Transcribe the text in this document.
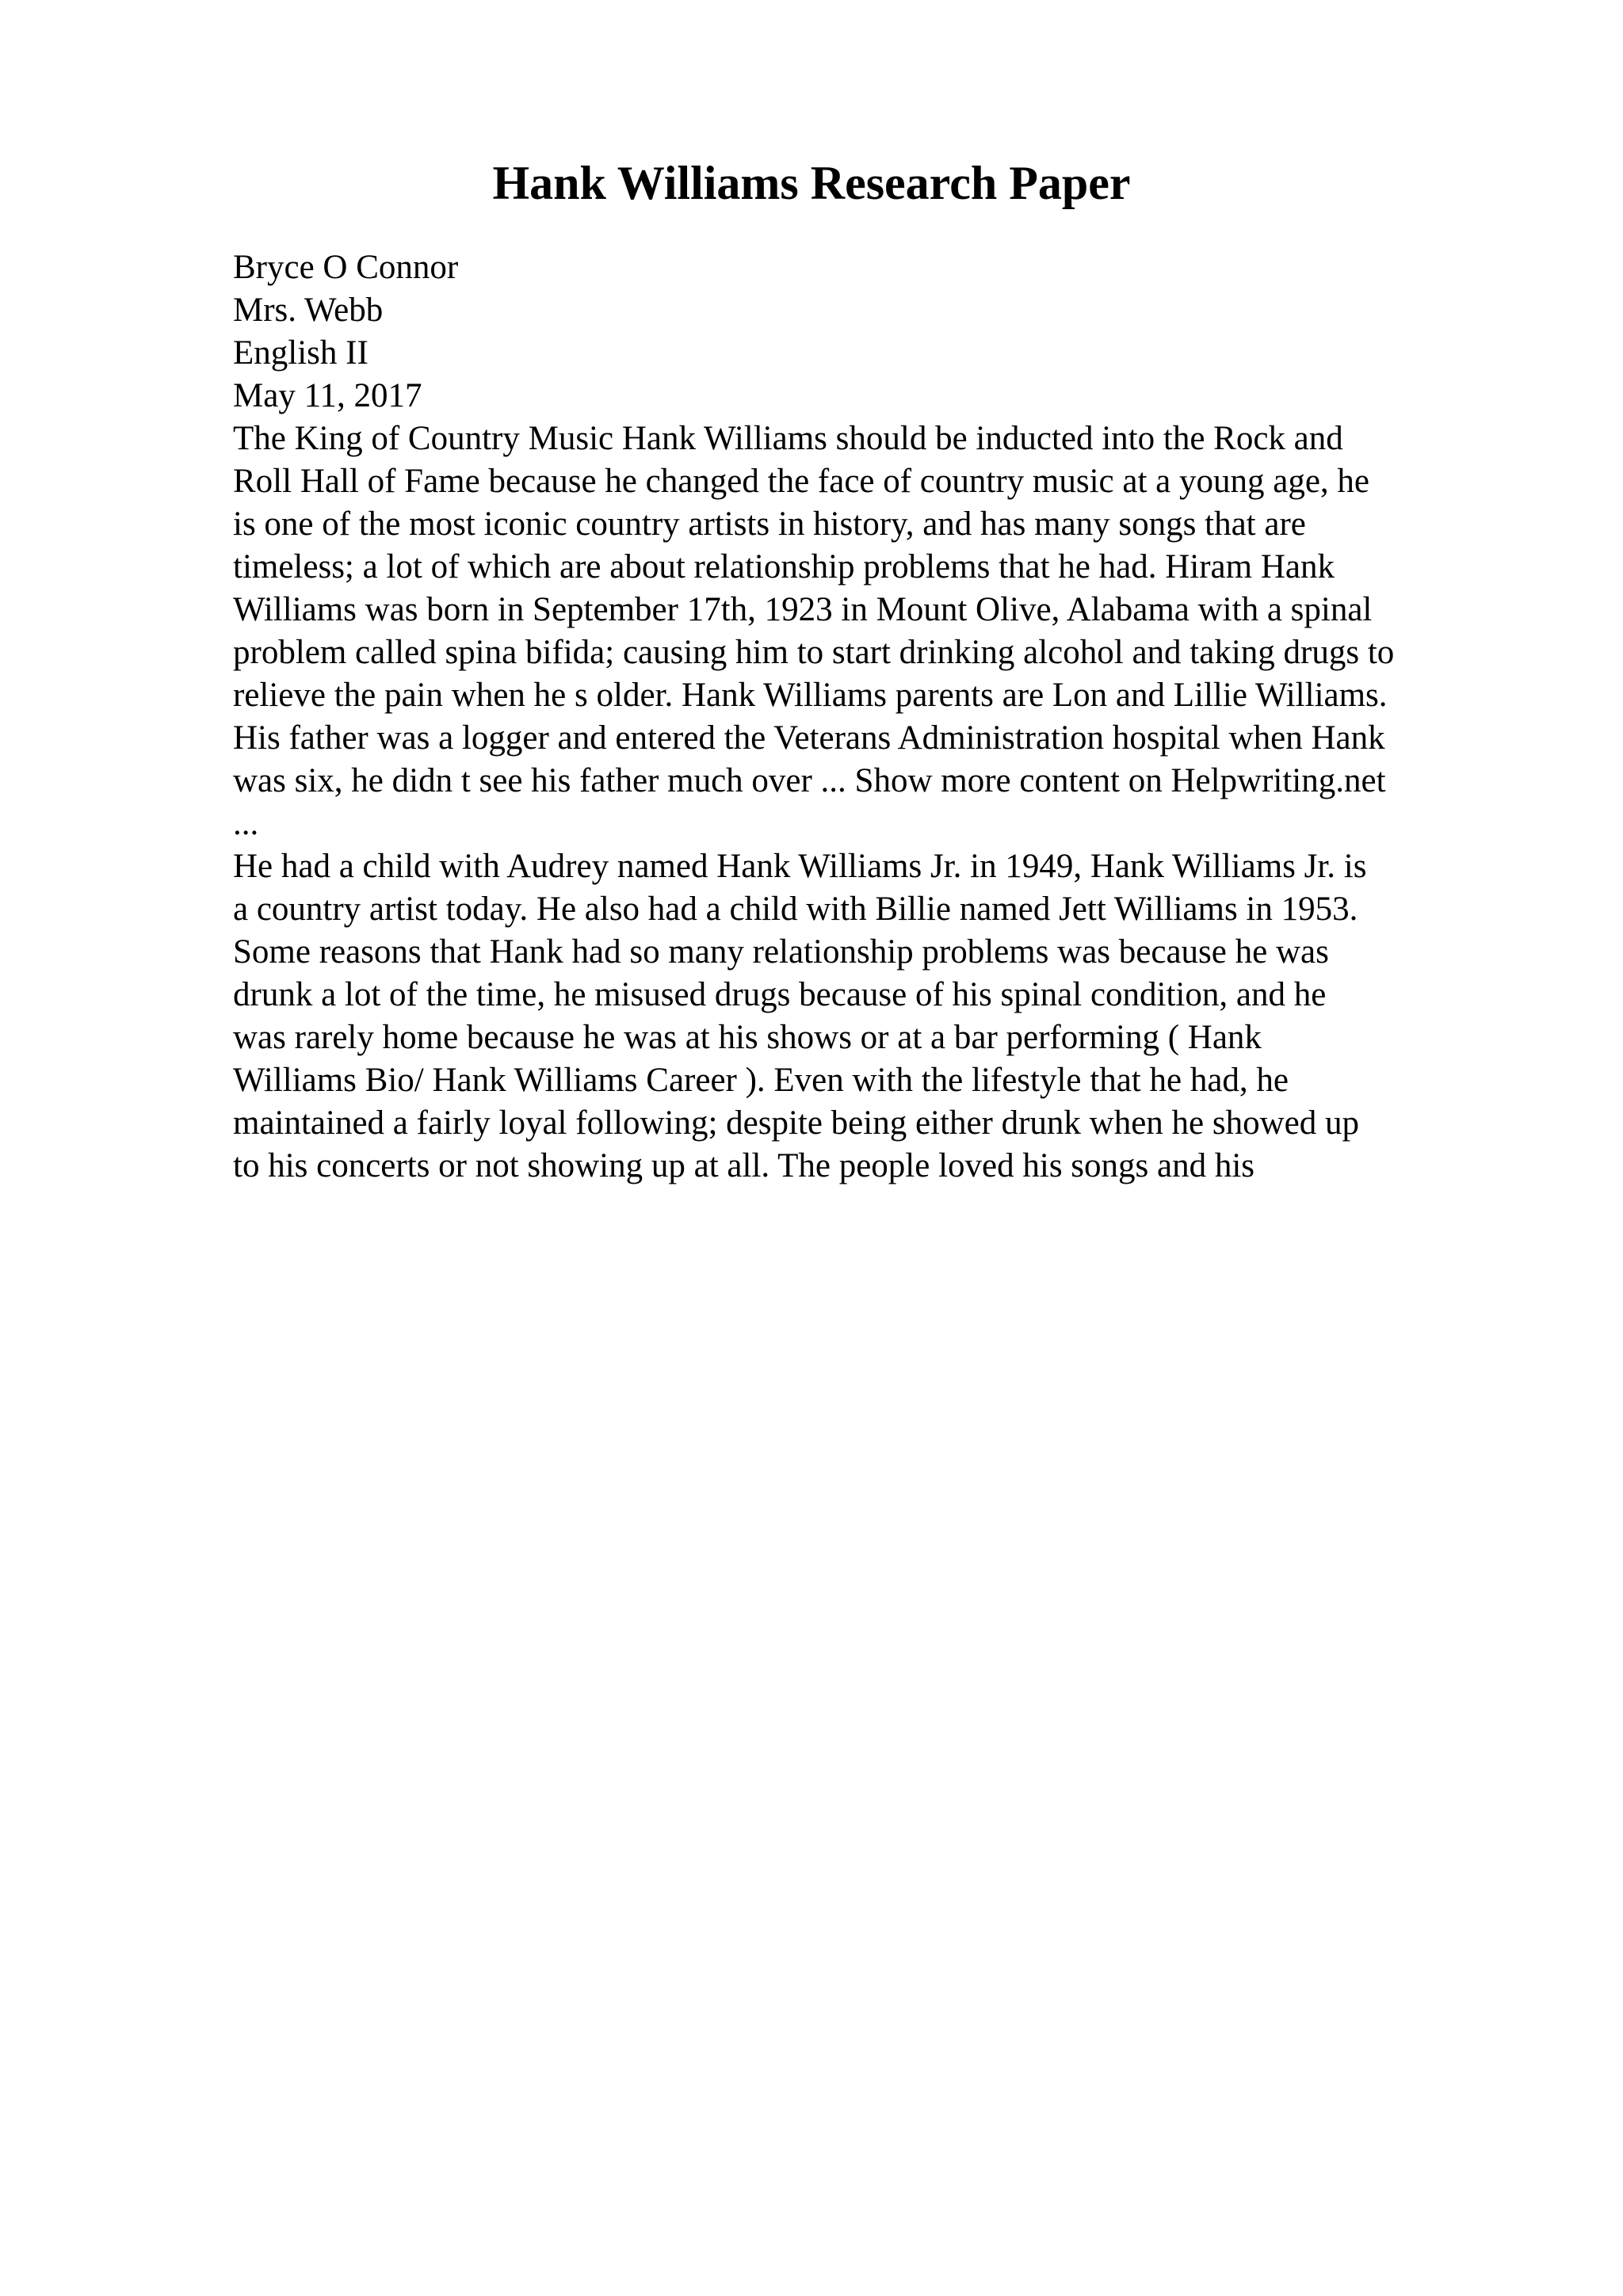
Hank Williams Research Paper
Bryce O Connor
Mrs. Webb
English II
May 11, 2017
The King of Country Music Hank Williams should be inducted into the Rock and
Roll Hall of Fame because he changed the face of country music at a young age, he
is one of the most iconic country artists in history, and has many songs that are
timeless; a lot of which are about relationship problems that he had. Hiram Hank
Williams was born in September 17th, 1923 in Mount Olive, Alabama with a spinal
problem called spina bifida; causing him to start drinking alcohol and taking drugs to
relieve the pain when he s older. Hank Williams parents are Lon and Lillie Williams.
His father was a logger and entered the Veterans Administration hospital when Hank
was six, he didn t see his father much over ... Show more content on Helpwriting.net
...
He had a child with Audrey named Hank Williams Jr. in 1949, Hank Williams Jr. is
a country artist today. He also had a child with Billie named Jett Williams in 1953.
Some reasons that Hank had so many relationship problems was because he was
drunk a lot of the time, he misused drugs because of his spinal condition, and he
was rarely home because he was at his shows or at a bar performing ( Hank
Williams Bio/ Hank Williams Career ). Even with the lifestyle that he had, he
maintained a fairly loyal following; despite being either drunk when he showed up
to his concerts or not showing up at all. The people loved his songs and his
